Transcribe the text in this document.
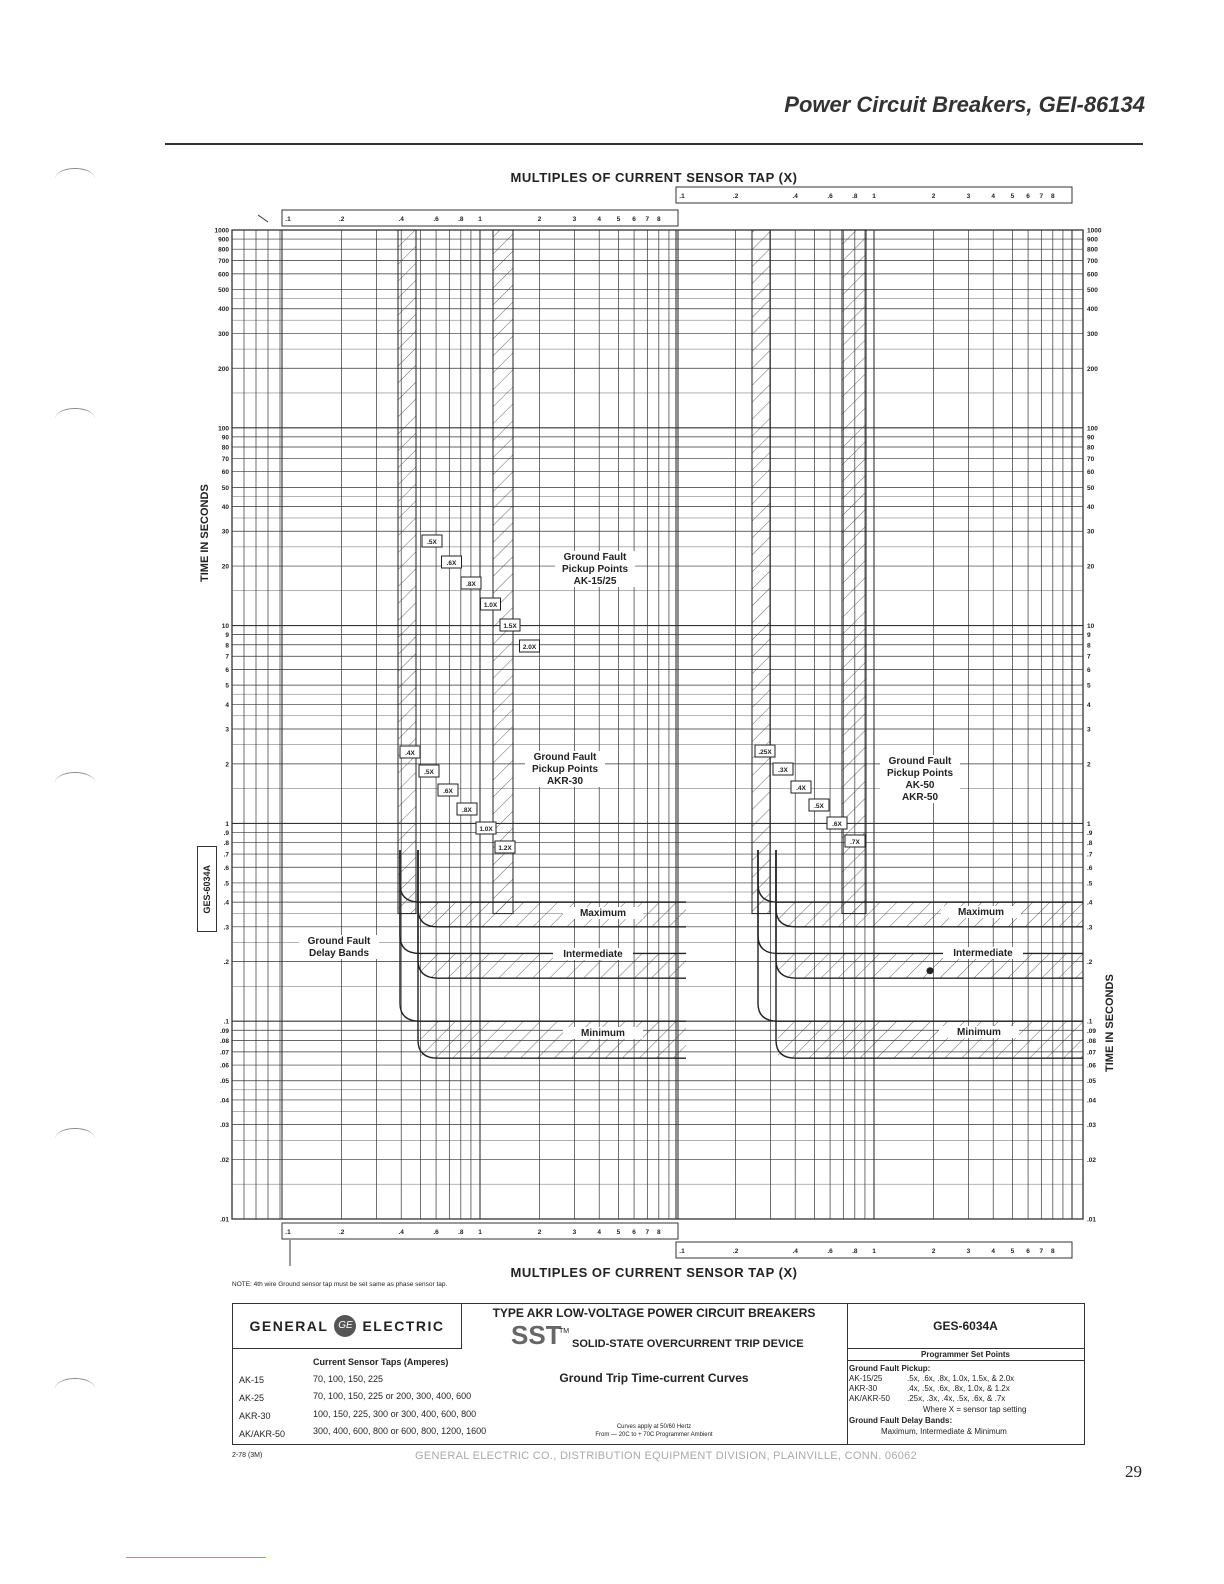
Power Circuit Breakers, GEI-86134
MULTIPLES OF CURRENT SENSOR TAP (X)
MULTIPLES OF CURRENT SENSOR TAP (X)
TIME IN SECONDS
TIME IN SECONDS
GES-6034A
1000	1000
900	900
800	800
700	700
600	600
500	500
400	400
300	300
200	200
100	100
90	90
80	80
70	70
60	60
50	50
40	40
30	30
20	20
10	10
9	9
8	8
7	7
6	6
5	5
4	4
3	3
2	2
1	1
.9	.9
.8	.8
.7	.7
.6	.6
.5	.5
.4	.4
.3	.3
.2	.2
.1	.1
.09	.09
.08	.08
.07	.07
.06	.06
.05	.05
.04	.04
.03	.03
.02	.02
.01	.01
.1	.2	.4	.6	.8 1	2	3	4 5 6 7 8
.1	.2	.4	.6	.8 1	2	3	4 5 6 7 8
.1	.2	.4	.6	.8 1	2	3	4 5 6 7 8
.1	.2	.4	.6	.8 1	2	3	4 5 6 7 8
.5X
.6X
.8X
1.0X
1.5X
2.0X
.4X
.5X
.6X
.8X
1.0X
1.2X
.25X
.3X
.4X
.5X
.6X
.7X
Ground Fault
Pickup Points
AK-15/25
Ground Fault
Pickup Points
AKR-30
Ground Fault
Pickup Points
AK-50
AKR-50
Ground Fault
Delay Bands
Maximum	Maximum
Intermediate	Intermediate
Minimum	Minimum
NOTE: 4th wire Ground sensor tap must be set same as phase sensor tap.
GENERAL GE ELECTRIC	GES-6034A
TYPE AKR LOW-VOLTAGE POWER CIRCUIT BREAKERS
SST
TM
SOLID-STATE OVERCURRENT TRIP DEVICE
Ground Trip Time-current Curves
Curves apply at 50/60 Hertz
From — 20C to + 70C Programmer Ambient
Current Sensor Taps (Amperes)
AK-15	70, 100, 150, 225
AK-25	70, 100, 150, 225 or 200, 300, 400, 600
AKR-30	100, 150, 225, 300 or 300, 400, 600, 800
AK/AKR-50	300, 400, 600, 800 or 600, 800, 1200, 1600
Programmer Set Points
Ground Fault Pickup:
AK-15/25	.5x, .6x, .8x, 1.0x, 1.5x, & 2.0x
AKR-30	.4x, .5x, .6x, .8x, 1.0x, & 1.2x
AK/AKR-50 .25x, .3x, .4x, .5x, .6x, & .7x
Where X = sensor tap setting
Ground Fault Delay Bands:
Maximum, Intermediate & Minimum
2-78 (3M)	GENERAL ELECTRIC CO., DISTRIBUTION EQUIPMENT DIVISION, PLAINVILLE, CONN. 06062
29
